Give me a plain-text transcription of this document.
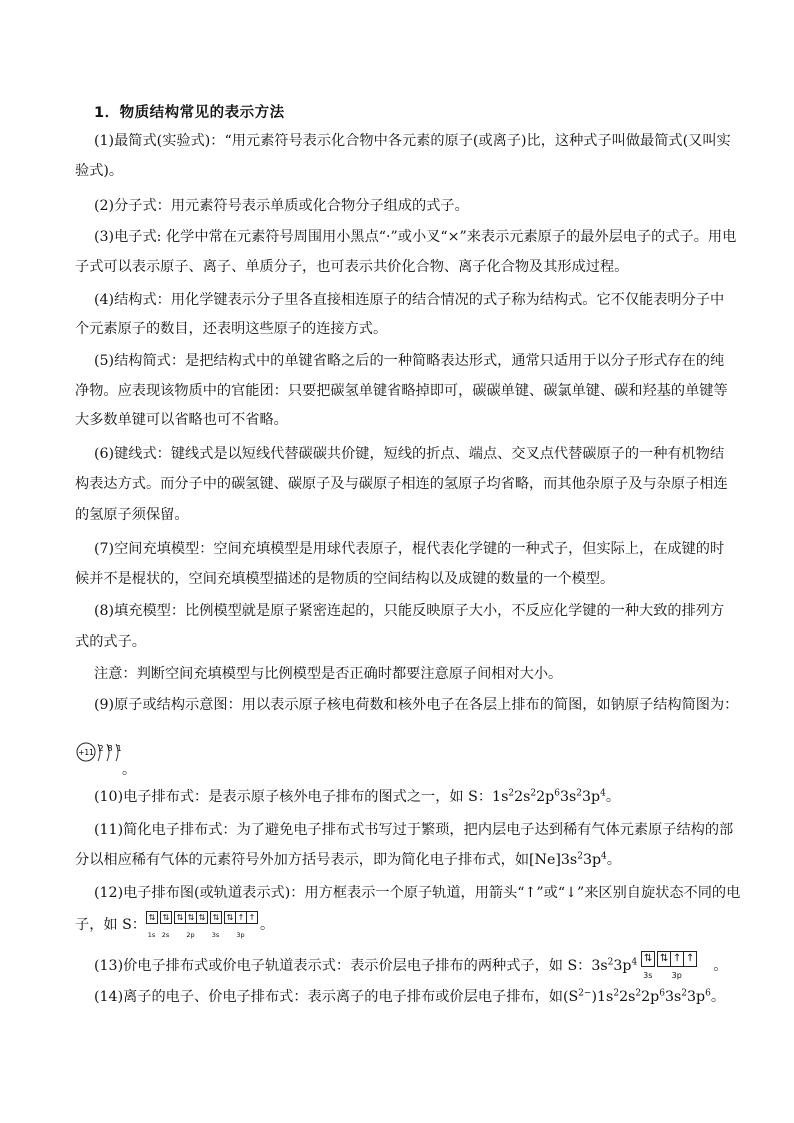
1．物质结构常见的表示方法
(1)最简式(实验式)：“用元素符号表示化合物中各元素的原子(或离子)比，这种式子叫做最简式(又叫实
验式)。
(2)分子式：用元素符号表示单质或化合物分子组成的式子。
(3)电子式: 化学中常在元素符号周围用小黑点“·”或小叉“×”来表示元素原子的最外层电子的式子。用电
子式可以表示原子、离子、单质分子，也可表示共价化合物、离子化合物及其形成过程。
(4)结构式：用化学键表示分子里各直接相连原子的结合情况的式子称为结构式。它不仅能表明分子中
个元素原子的数目，还表明这些原子的连接方式。
(5)结构简式：是把结构式中的单键省略之后的一种简略表达形式，通常只适用于以分子形式存在的纯
净物。应表现该物质中的官能团：只要把碳氢单键省略掉即可，碳碳单键、碳氯单键、碳和羟基的单键等
大多数单键可以省略也可不省略。
(6)键线式：键线式是以短线代替碳碳共价键，短线的折点、端点、交叉点代替碳原子的一种有机物结
构表达方式。而分子中的碳氢键、碳原子及与碳原子相连的氢原子均省略，而其他杂原子及与杂原子相连
的氢原子须保留。
(7)空间充填模型：空间充填模型是用球代表原子，棍代表化学键的一种式子，但实际上，在成键的时
候并不是棍状的，空间充填模型描述的是物质的空间结构以及成键的数量的一个模型。
(8)填充模型：比例模型就是原子紧密连起的，只能反映原子大小，不反应化学键的一种大致的排列方
式的式子。
注意：判断空间充填模型与比例模型是否正确时都要注意原子间相对大小。
(9)原子或结构示意图：用以表示原子核电荷数和核外电子在各层上排布的简图，如钠原子结构简图为：
+11 2 8 1
。
(10)电子排布式：是表示原子核外电子排布的图式之一，如 S：$1s^22s^22p^63s^23p^4$。
(11)简化电子排布式：为了避免电子排布式书写过于繁琐，把内层电子达到稀有气体元素原子结构的部
分以相应稀有气体的元素符号外加方括号表示，即为简化电子排布式，如$[Ne]3s^23p^4$。
(12)电子排布图(或轨道表示式)：用方框表示一个原子轨道，用箭头“↑”或“↓”来区别自旋状态不同的电
子，如 S： ⇅
1s
⇅
2s
⇅ ⇅ ⇅
2p
⇅
3s
⇅ ↑ ↑
3p
。
(13)价电子排布式或价电子轨道表示式：表示价层电子排布的两种式子，如 S：$3s^23p^4$ ⇅
3s
⇅ ↑ ↑
3p
。
(14)离子的电子、价电子排布式：表示离子的电子排布或价层电子排布，如$(S^{2-})1s^22s^22p^63s^23p^6$。
